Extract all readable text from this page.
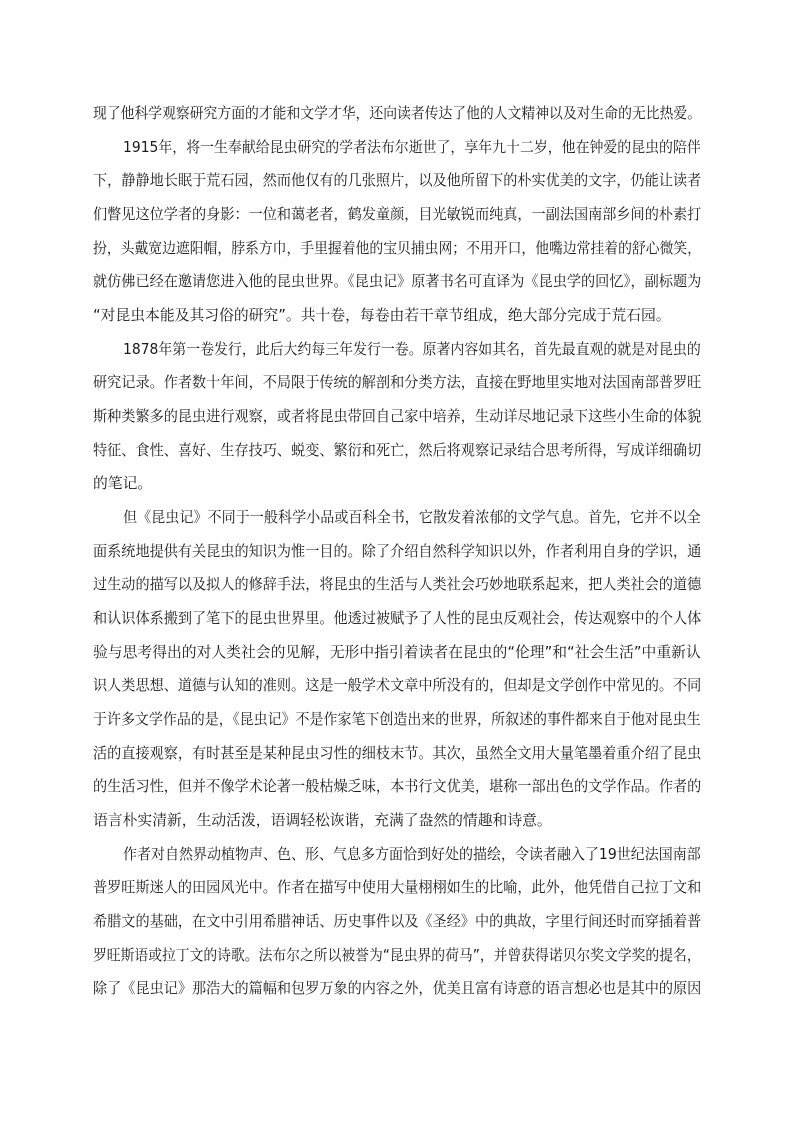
现了他科学观察研究方面的才能和文学才华，还向读者传达了他的人文精神以及对生命的无比热爱。
1915年，将一生奉献给昆虫研究的学者法布尔逝世了，享年九十二岁，他在钟爱的昆虫的陪伴
下，静静地长眠于荒石园，然而他仅有的几张照片，以及他所留下的朴实优美的文字，仍能让读者
们瞥见这位学者的身影：一位和蔼老者，鹤发童颜，目光敏锐而纯真，一副法国南部乡间的朴素打
扮，头戴宽边遮阳帽，脖系方巾，手里握着他的宝贝捕虫网；不用开口，他嘴边常挂着的舒心微笑，
就仿佛已经在邀请您进入他的昆虫世界。《昆虫记》原著书名可直译为《昆虫学的回忆》，副标题为
“对昆虫本能及其习俗的研究”。共十卷，每卷由若干章节组成，绝大部分完成于荒石园。
1878年第一卷发行，此后大约每三年发行一卷。原著内容如其名，首先最直观的就是对昆虫的
研究记录。作者数十年间，不局限于传统的解剖和分类方法，直接在野地里实地对法国南部普罗旺
斯种类繁多的昆虫进行观察，或者将昆虫带回自己家中培养，生动详尽地记录下这些小生命的体貌
特征、食性、喜好、生存技巧、蜕变、繁衍和死亡，然后将观察记录结合思考所得，写成详细确切
的笔记。
但《昆虫记》不同于一般科学小品或百科全书，它散发着浓郁的文学气息。首先，它并不以全
面系统地提供有关昆虫的知识为惟一目的。除了介绍自然科学知识以外，作者利用自身的学识，通
过生动的描写以及拟人的修辞手法，将昆虫的生活与人类社会巧妙地联系起来，把人类社会的道德
和认识体系搬到了笔下的昆虫世界里。他透过被赋予了人性的昆虫反观社会，传达观察中的个人体
验与思考得出的对人类社会的见解，无形中指引着读者在昆虫的“伦理”和“社会生活”中重新认
识人类思想、道德与认知的准则。这是一般学术文章中所没有的，但却是文学创作中常见的。不同
于许多文学作品的是，《昆虫记》不是作家笔下创造出来的世界，所叙述的事件都来自于他对昆虫生
活的直接观察，有时甚至是某种昆虫习性的细枝末节。其次，虽然全文用大量笔墨着重介绍了昆虫
的生活习性，但并不像学术论著一般枯燥乏味，本书行文优美，堪称一部出色的文学作品。作者的
语言朴实清新，生动活泼，语调轻松诙谐，充满了盎然的情趣和诗意。
作者对自然界动植物声、色、形、气息多方面恰到好处的描绘，令读者融入了19世纪法国南部
普罗旺斯迷人的田园风光中。作者在描写中使用大量栩栩如生的比喻，此外，他凭借自己拉丁文和
希腊文的基础，在文中引用希腊神话、历史事件以及《圣经》中的典故，字里行间还时而穿插着普
罗旺斯语或拉丁文的诗歌。法布尔之所以被誉为“昆虫界的荷马”，并曾获得诺贝尔奖文学奖的提名，
除了《昆虫记》那浩大的篇幅和包罗万象的内容之外，优美且富有诗意的语言想必也是其中的原因
